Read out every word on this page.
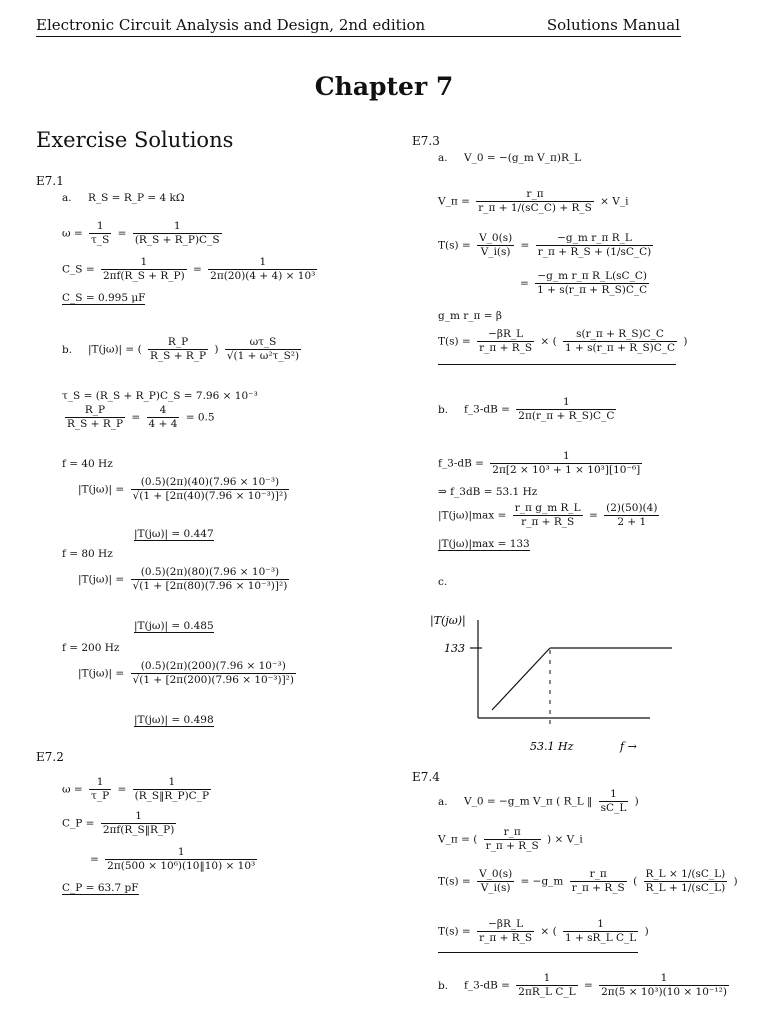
Electronic Circuit Analysis and Design, 2nd edition	Solutions Manual
Chapter 7
Exercise Solutions
E7.1
a. R_S = R_P = 4 kΩ
$\omega = \frac{1}{\tau\_S} = \frac{1}{(R\_S + R\_P)C\_S}$
C_S = $\frac{1}{2\pi f(R\_S + R\_P)} = \frac{1}{\text{2π(20)(4 + 4) × 10³}}$
C_S = 0.995 μF
b. |T(jω)| = ( $\frac{R\_P}{R\_S + R\_P}$ ) $\frac{\omega\tau\_S}{\text{√(1 + ω²τ\_S²)}}$
τ_S = (R_S + R_P)C_S = 7.96 × 10⁻³
$\frac{R\_P}{R\_S + R\_P} = \frac{4}{4 + 4} = 0.5$
f = 40 Hz
$|T(j\omega)| = \frac{\text{(0.5)(2π)(40)(7.96 × 10⁻³)}}{\text{√(1 + [2π(40)(7.96 × 10⁻³)]²)}}$
|T(jω)| = 0.447
f = 80 Hz
$|T(j\omega)| = \frac{\text{(0.5)(2π)(80)(7.96 × 10⁻³)}}{\text{√(1 + [2π(80)(7.96 × 10⁻³)]²)}}$
|T(jω)| = 0.485
f = 200 Hz
$|T(j\omega)| = \frac{\text{(0.5)(2π)(200)(7.96 × 10⁻³)}}{\text{√(1 + [2π(200)(7.96 × 10⁻³)]²)}}$
|T(jω)| = 0.498
E7.2
$\omega = \frac{1}{\tau\_P} = \frac{1}{(R\_S‖R\_P)C\_P}$
C_P = $\frac{1}{2\pi f(R\_S‖R\_P)}$
= $\frac{1}{\text{2π(500 × 10⁶)(10‖10) × 10³}}$
C_P = 63.7 pF
E7.3
a. V_0 = −(g_m V_π)R_L
V_π = $\frac{r\_\pi}{r\_\pi + 1/(sC\_C) + R\_S}$ × V_i
$T(s) = \frac{V\_0(s)}{V\_i(s)} = \frac{\text{−g\_m r\_π R\_L}}{r\_\pi + R\_S + (1/sC\_C)}$
= $\frac{\text{−g\_m r\_π R\_L(sC\_C)}}{1 + s(r\_\pi + R\_S)C\_C}$
g_m r_π = β
$T(s) = \frac{-\beta R\_L}{r\_\pi + R\_S}$ × ( $\frac{s(r\_\pi + R\_S)C\_C}{1 + s(r\_\pi + R\_S)C\_C}$ )
b. f_3-dB = $\frac{1}{2\pi(r\_\pi + R\_S)C\_C}$
f_3-dB = $\frac{1}{\text{2π[2 × 10³ + 1 × 10³][10⁻⁶]}}$
⇒ f_3dB = 53.1 Hz
$|T(j\omega)|\max = \frac{\text{r\_π g\_m R\_L}}{r\_\pi + R\_S} = \frac{(2)(50)(4)}{2 + 1}$
|T(jω)|max = 133
c.
|T(jω)|
133
53.1 Hz	f →
E7.4
a. V_0 = −g_m V_π ( R_L ‖ $\frac{1}{sC\_L}$ )
V_π = ( $\frac{r\_\pi}{r\_\pi + R\_S}$ ) × V_i
$T(s) = \frac{V\_0(s)}{V\_i(s)}$ = −g_m $\frac{r\_\pi}{r\_\pi + R\_S}$ ( $\frac{R\_L \times 1/(sC\_L)}{R\_L + 1/(sC\_L)}$ )
$T(s) = \frac{-\beta R\_L}{r\_\pi + R\_S}$ × ( $\frac{1}{\text{1 + sR\_L C\_L}}$ )
b. f_3-dB = $\frac{1}{\text{2πR\_L C\_L}} = \frac{1}{\text{2π(5 × 10³)(10 × 10⁻¹²)}}$
